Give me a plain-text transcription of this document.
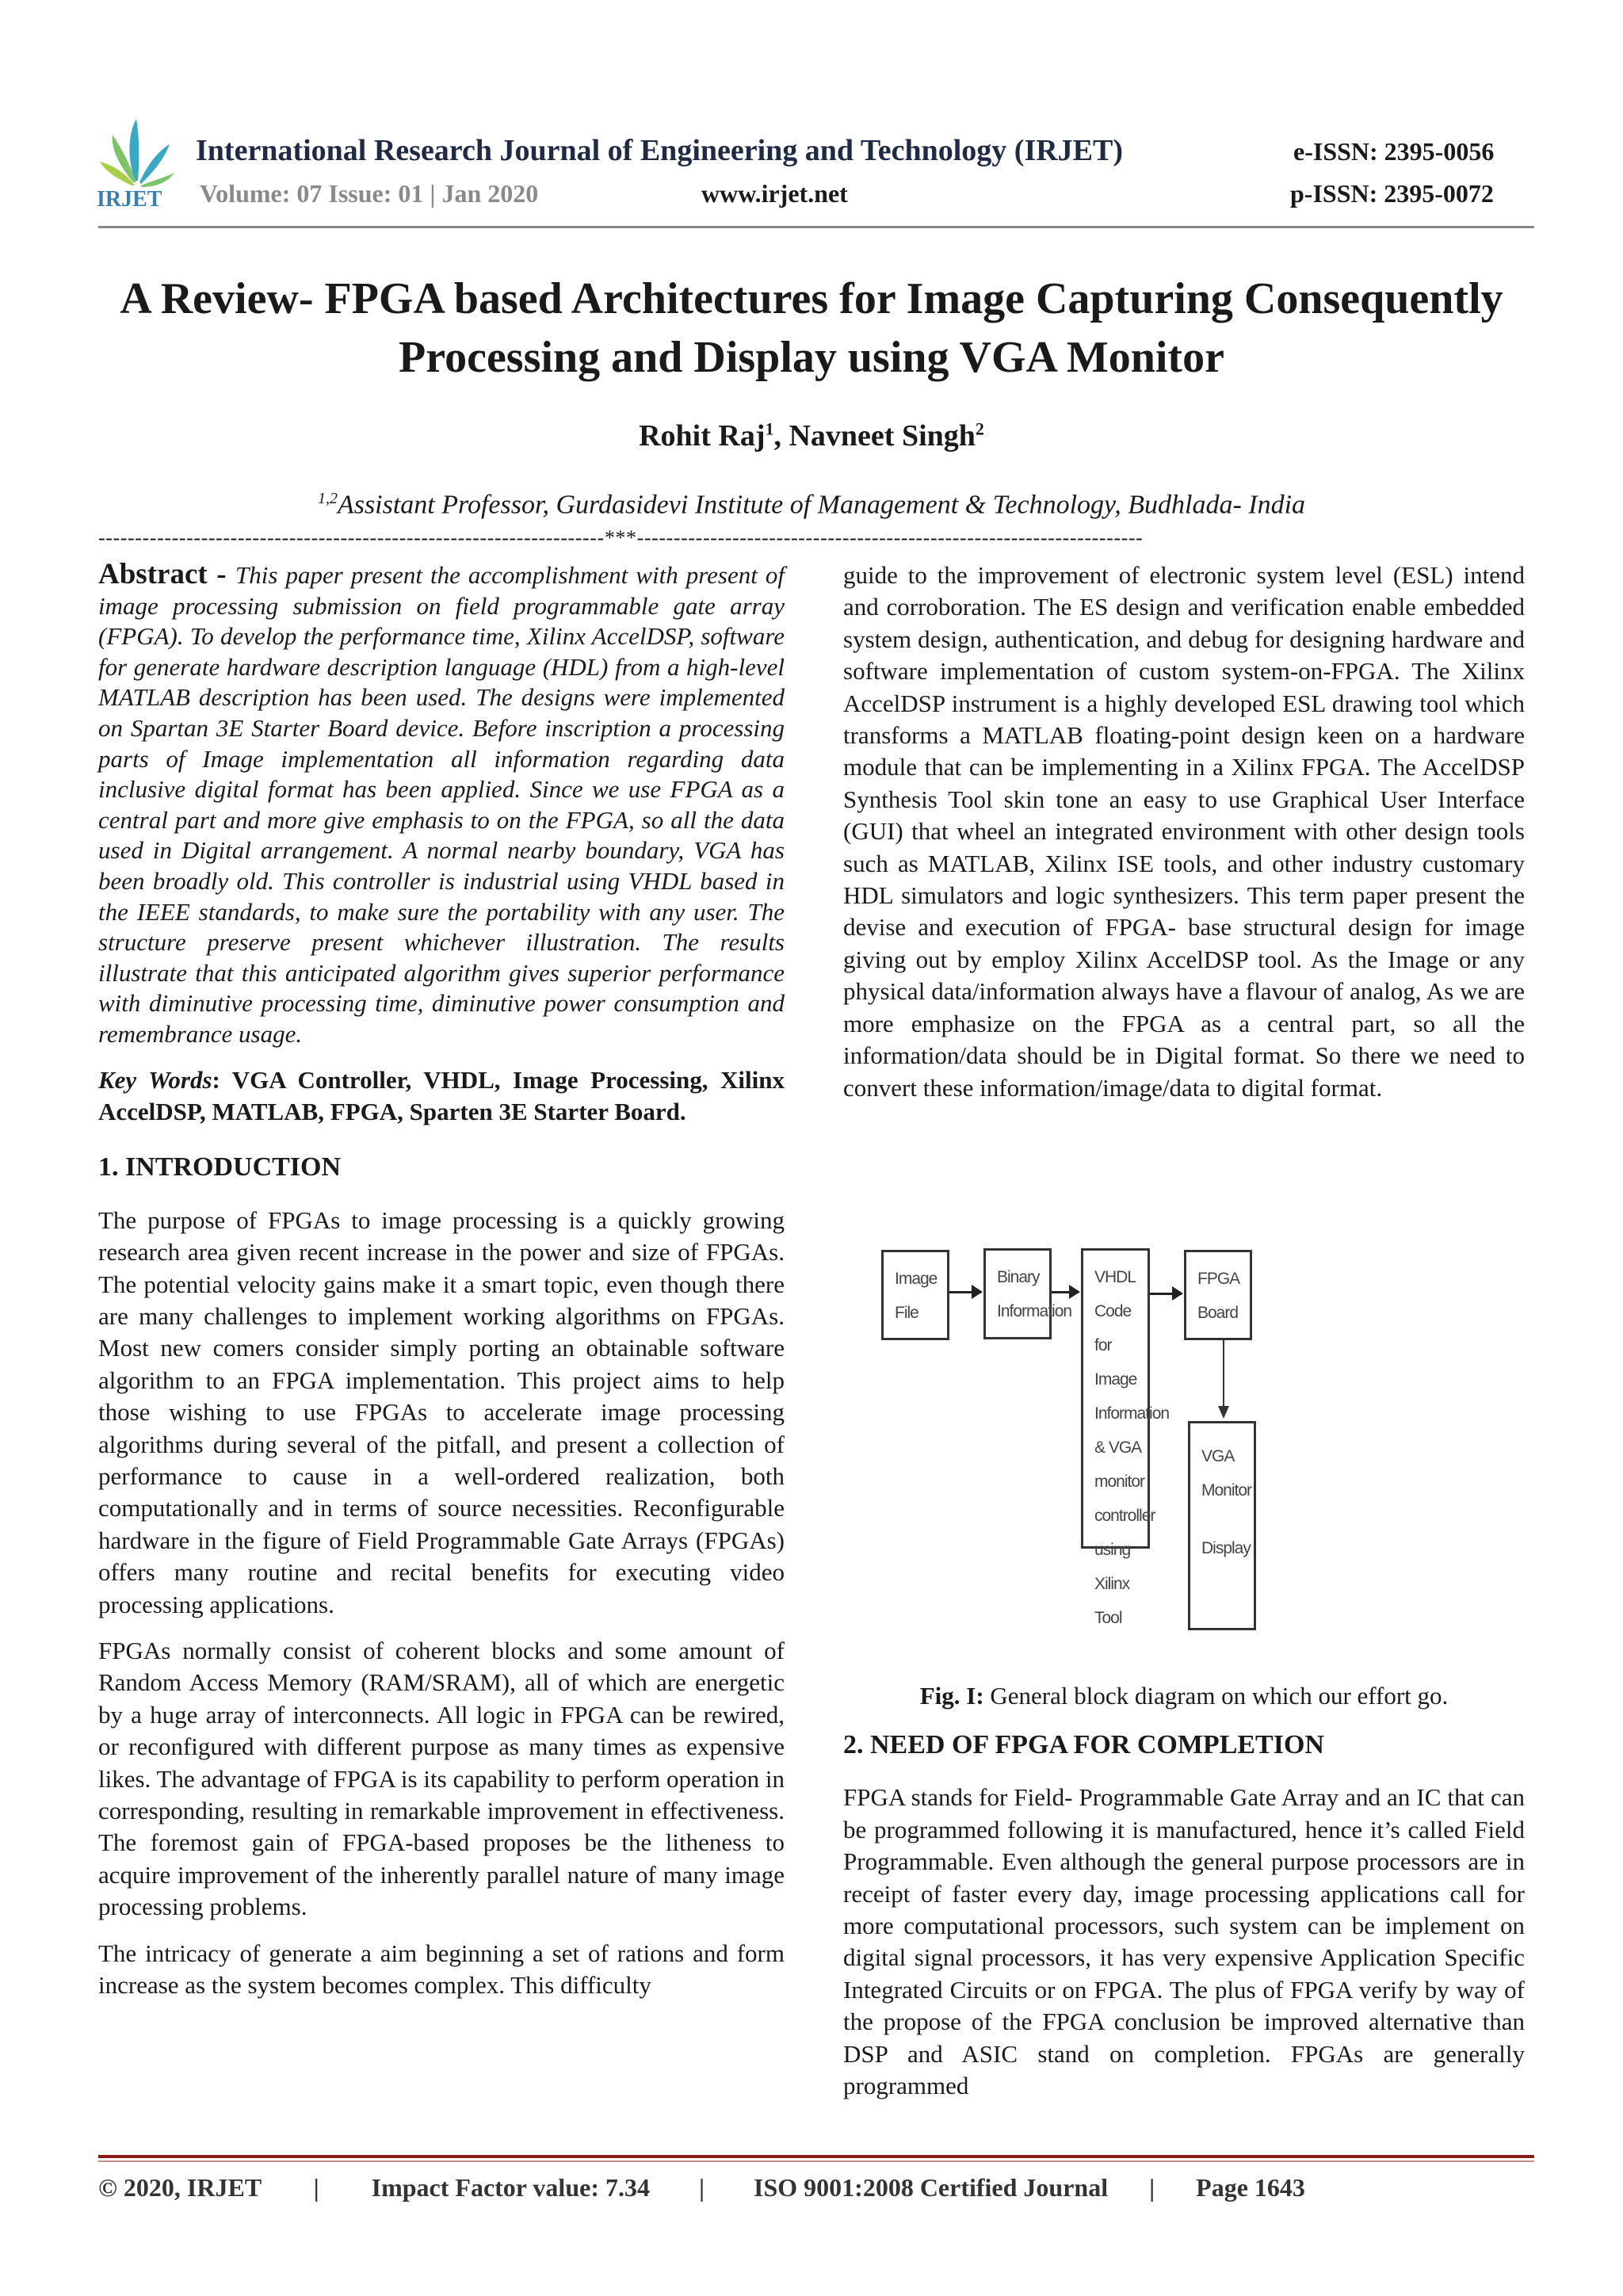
IRJET
International Research Journal of Engineering and Technology (IRJET)	e-ISSN: 2395-0056
Volume: 07 Issue: 01 | Jan 2020	www.irjet.net	p-ISSN: 2395-0072
A Review- FPGA based Architectures for Image Capturing Consequently
Processing and Display using VGA Monitor
Rohit Raj$^1$, Navneet Singh$^2$
$^{1,2}$Assistant Professor, Gurdasidevi Institute of Management & Technology, Budhlada- India
---------------------------------------------------------------------***---------------------------------------------------------------------

Abstract - This paper present the accomplishment with present of image processing submission on field programmable gate array (FPGA). To develop the performance time, Xilinx AccelDSP, software for generate hardware description language (HDL) from a high-level MATLAB description has been used. The designs were implemented on Spartan 3E Starter Board device. Before inscription a processing parts of Image implementation all information regarding data inclusive digital format has been applied. Since we use FPGA as a central part and more give emphasis to on the FPGA, so all the data used in Digital arrangement. A normal nearby boundary, VGA has been broadly old. This controller is industrial using VHDL based in the IEEE standards, to make sure the portability with any user. The structure preserve present whichever illustration. The results illustrate that this anticipated algorithm gives superior performance with diminutive processing time, diminutive power consumption and remembrance usage.

Key Words: VGA Controller, VHDL, Image Processing, Xilinx AccelDSP, MATLAB, FPGA, Sparten 3E Starter Board.

1. INTRODUCTION

The purpose of FPGAs to image processing is a quickly growing research area given recent increase in the power and size of FPGAs. The potential velocity gains make it a smart topic, even though there are many challenges to implement working algorithms on FPGAs. Most new comers consider simply porting an obtainable software algorithm to an FPGA implementation. This project aims to help those wishing to use FPGAs to accelerate image processing algorithms during several of the pitfall, and present a collection of performance to cause in a well-ordered realization, both computationally and in terms of source necessities. Reconfigurable hardware in the figure of Field Programmable Gate Arrays (FPGAs) offers many routine and recital benefits for executing video processing applications.

FPGAs normally consist of coherent blocks and some amount of Random Access Memory (RAM/SRAM), all of which are energetic by a huge array of interconnects. All logic in FPGA can be rewired, or reconfigured with different purpose as many times as expensive likes. The advantage of FPGA is its capability to perform operation in corresponding, resulting in remarkable improvement in effectiveness. The foremost gain of FPGA-based proposes be the litheness to acquire improvement of the inherently parallel nature of many image processing problems.

The intricacy of generate a aim beginning a set of rations and form increase as the system becomes complex. This difficulty

guide to the improvement of electronic system level (ESL) intend and corroboration. The ES design and verification enable embedded system design, authentication, and debug for designing hardware and software implementation of custom system-on-FPGA. The Xilinx AccelDSP instrument is a highly developed ESL drawing tool which transforms a MATLAB floating-point design keen on a hardware module that can be implementing in a Xilinx FPGA. The AccelDSP Synthesis Tool skin tone an easy to use Graphical User Interface (GUI) that wheel an integrated environment with other design tools such as MATLAB, Xilinx ISE tools, and other industry customary HDL simulators and logic synthesizers. This term paper present the devise and execution of FPGA- base structural design for image giving out by employ Xilinx AccelDSP tool. As the Image or any physical data/information always have a flavour of analog, As we are more emphasize on the FPGA as a central part, so all the information/data should be in Digital format. So there we need to convert these information/image/data to digital format.
Image File
Binary
Information
VHDL Code
for Image
Information
& VGA
monitor
controller
using Xilinx
Tool
FPGA Board
VGA
Monitor
Display
Fig. I: General block diagram on which our effort go.

2. NEED OF FPGA FOR COMPLETION

FPGA stands for Field- Programmable Gate Array and an IC that can be programmed following it is manufactured, hence it’s called Field Programmable. Even although the general purpose processors are in receipt of faster every day, image processing applications call for more computational processors, such system can be implement on digital signal processors, it has very expensive Application Specific Integrated Circuits or on FPGA. The plus of FPGA verify by way of the propose of the FPGA conclusion be improved alternative than DSP and ASIC stand on completion. FPGAs are generally programmed

© 2020, IRJET | Impact Factor value: 7.34 | ISO 9001:2008 Certified Journal | Page 1643
